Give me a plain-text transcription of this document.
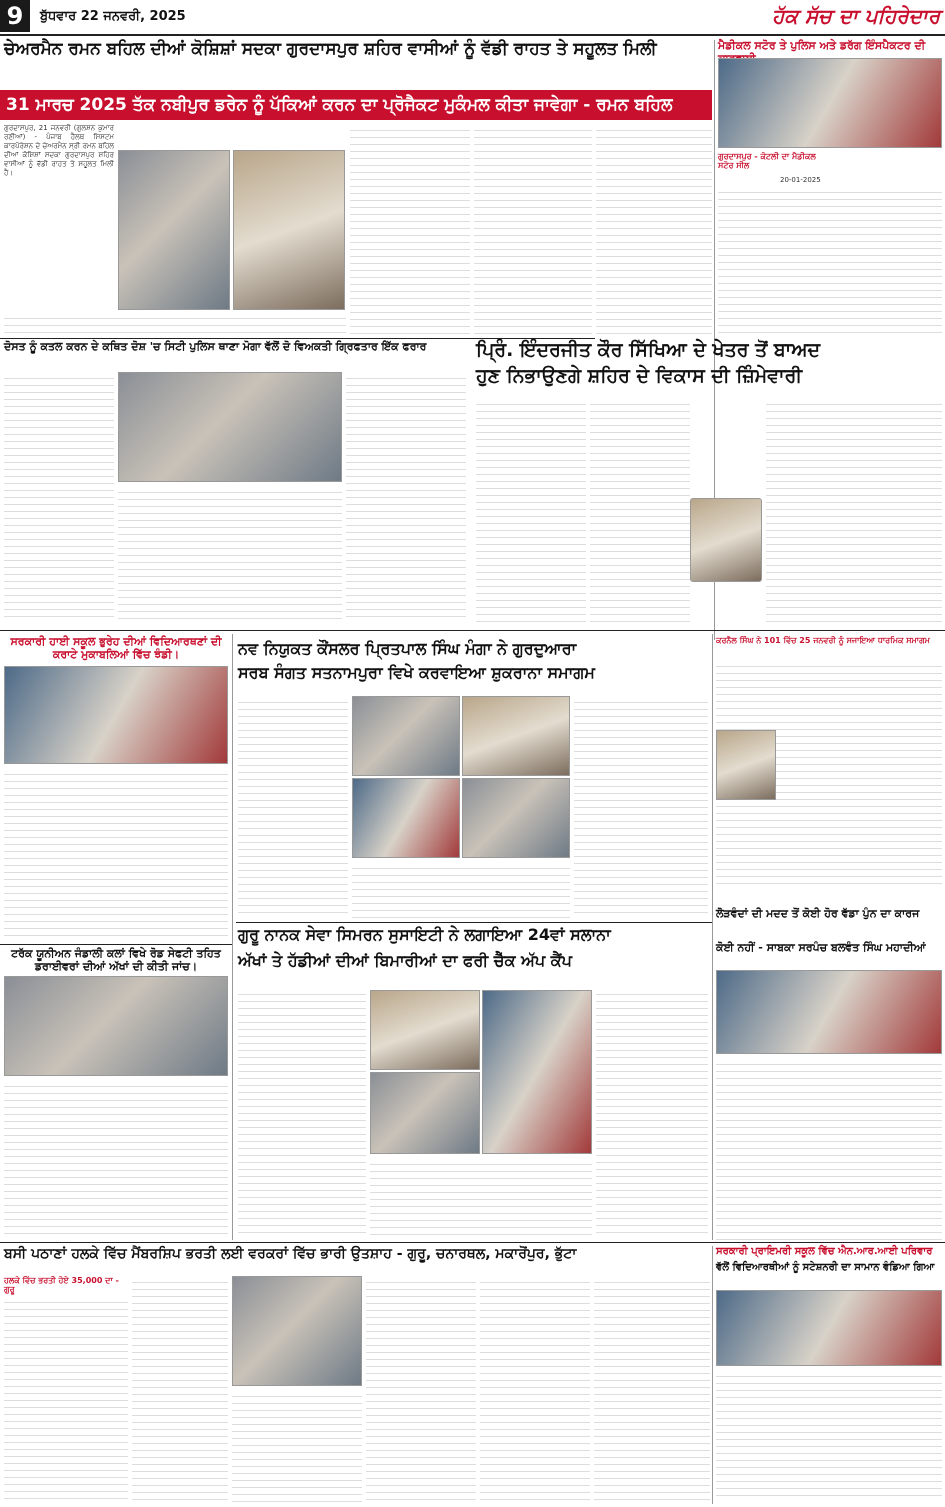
9	ਬੁੱਧਵਾਰ 22 ਜਨਵਰੀ, 2025	ਹੱਕ ਸੱਚ ਦਾ ਪਹਿਰੇਦਾਰ
ਚੇਅਰਮੈਨ ਰਮਨ ਬਹਿਲ ਦੀਆਂ ਕੋਸ਼ਿਸ਼ਾਂ ਸਦਕਾ ਗੁਰਦਾਸਪੁਰ ਸ਼ਹਿਰ ਵਾਸੀਆਂ ਨੂੰ ਵੱਡੀ ਰਾਹਤ ਤੇ ਸਹੂਲਤ ਮਿਲੀ
31 ਮਾਰਚ 2025 ਤੱਕ ਨਬੀਪੁਰ ਡਰੇਨ ਨੂੰ ਪੱਕਿਆਂ ਕਰਨ ਦਾ ਪ੍ਰੋਜੈਕਟ ਮੁਕੰਮਲ ਕੀਤਾ ਜਾਵੇਗਾ - ਰਮਨ ਬਹਿਲ
ਗੁਰਦਾਸਪੁਰ, 21 ਜਨਵਰੀ (ਗੁਲਸ਼ਨ ਕੁਮਾਰ ਰਣੀਆਂ) - ਪੰਜਾਬ ਹੈਲਥ ਸਿਸਟਮ ਕਾਰਪੋਰੇਸ਼ਨ ਦੇ ਚੇਅਰਮੈਨ ਸ੍ਰੀ ਰਮਨ ਬਹਿਲ ਦੀਆਂ ਕੋਸ਼ਿਸ਼ਾਂ ਸਦਕਾ ਗੁਰਦਾਸਪੁਰ ਸ਼ਹਿਰ ਵਾਸੀਆਂ ਨੂੰ ਵੱਡੀ ਰਾਹਤ ਤੇ ਸਹੂਲਤ ਮਿਲੀ ਹੈ।
ਮੈਡੀਕਲ ਸਟੋਰ ਤੇ ਪੁਲਿਸ ਅਤੇ ਡਰੱਗ ਇੰਸਪੈਕਟਰ ਦੀ
20-01-2025
ਗੁਰਦਾਸਪੁਰ - ਕੋਟਲੀ ਦਾ ਮੈਡੀਕਲ ਸਟੋਰ ਸੀਲ
ਦੋਸਤ ਨੂੰ ਕਤਲ ਕਰਨ ਦੇ ਕਥਿਤ ਦੋਸ਼ 'ਚ ਸਿਟੀ ਪੁਲਿਸ ਥਾਣਾ ਮੋਗਾ ਵੱਲੋਂ ਦੋ ਵਿਅਕਤੀ ਗ੍ਰਿਫਤਾਰ ਇੱਕ ਫਰਾਰ	ਪ੍ਰਿੰ. ਇੰਦਰਜੀਤ ਕੌਰ ਸਿੱਖਿਆ ਦੇ ਖੇਤਰ ਤੋਂ ਬਾਅਦ
ਹੁਣ ਨਿਭਾਉਣਗੇ ਸ਼ਹਿਰ ਦੇ ਵਿਕਾਸ ਦੀ ਜ਼ਿੰਮੇਵਾਰੀ
ਸਰਕਾਰੀ ਹਾਈ ਸਕੂਲ ਭੁਰੇਹ ਦੀਆਂ ਵਿਦਿਆਰਥਣਾਂ ਦੀ ਕਰਾਟੇ ਮੁਕਾਬਲਿਆਂ ਵਿੱਚ ਝੰਡੀ।	ਨਵ ਨਿਯੁਕਤ ਕੌਂਸਲਰ ਪ੍ਰਿਤਪਾਲ ਸਿੰਘ ਮੰਗਾ ਨੇ ਗੁਰਦੁਆਰਾ
ਸਰਬ ਸੰਗਤ ਸਤਨਾਮਪੁਰਾ ਵਿਖੇ ਕਰਵਾਇਆ ਸ਼ੁਕਰਾਨਾ ਸਮਾਗਮ
ਕਰਨੈਲ ਸਿੰਘ ਨੇ 101 ਵਿੱਚ 25 ਜਨਵਰੀ ਨੂੰ ਸਜਾਇਆ ਧਾਰਮਿਕ ਸਮਾਗਮ
ਲੋੜਵੰਦਾਂ ਦੀ ਮਦਦ ਤੋਂ ਕੋਈ ਹੋਰ ਵੱਡਾ ਪੁੰਨ ਦਾ ਕਾਰਜ
ਕੋਈ ਨਹੀਂ - ਸਾਬਕਾ ਸਰਪੰਚ ਬਲਵੰਤ ਸਿੰਘ ਮਹਾਦੀਆਂ
ਟਰੱਕ ਯੂਨੀਅਨ ਜੰਡਾਲੀ ਕਲਾਂ ਵਿਖੇ ਰੋਡ ਸੇਫਟੀ ਤਹਿਤ ਡਰਾਈਵਰਾਂ ਦੀਆਂ ਅੱਖਾਂ ਦੀ ਕੀਤੀ ਜਾਂਚ।
ਗੁਰੂ ਨਾਨਕ ਸੇਵਾ ਸਿਮਰਨ ਸੁਸਾਇਟੀ ਨੇ ਲਗਾਇਆ 24ਵਾਂ ਸਲਾਨਾ
ਅੱਖਾਂ ਤੇ ਹੱਡੀਆਂ ਦੀਆਂ ਬਿਮਾਰੀਆਂ ਦਾ ਫਰੀ ਚੈੱਕ ਅੱਪ ਕੈਂਪ
ਬਸੀ ਪਠਾਣਾਂ ਹਲਕੇ ਵਿੱਚ ਮੈਂਬਰਸ਼ਿਪ ਭਰਤੀ ਲਈ ਵਰਕਰਾਂ ਵਿੱਚ ਭਾਰੀ ਉਤਸ਼ਾਹ - ਗੁਰੂ, ਚਨਾਰਥਲ, ਮਕਾਰੋਂਪੁਰ, ਭੁੱਟਾ
ਹਲਕੇ ਵਿੱਚ ਭਰਤੀ ਹੋਏ 35,000 ਦਾ - ਗੁਰੂ
ਸਰਕਾਰੀ ਪ੍ਰਾਇਮਰੀ ਸਕੂਲ ਵਿੱਚ ਐਨ.ਆਰ.ਆਈ ਪਰਿਵਾਰ
ਵੱਲੋਂ ਵਿਦਿਆਰਥੀਆਂ ਨੂੰ ਸਟੇਸ਼ਨਰੀ ਦਾ ਸਾਮਾਨ ਵੰਡਿਆ ਗਿਆ
